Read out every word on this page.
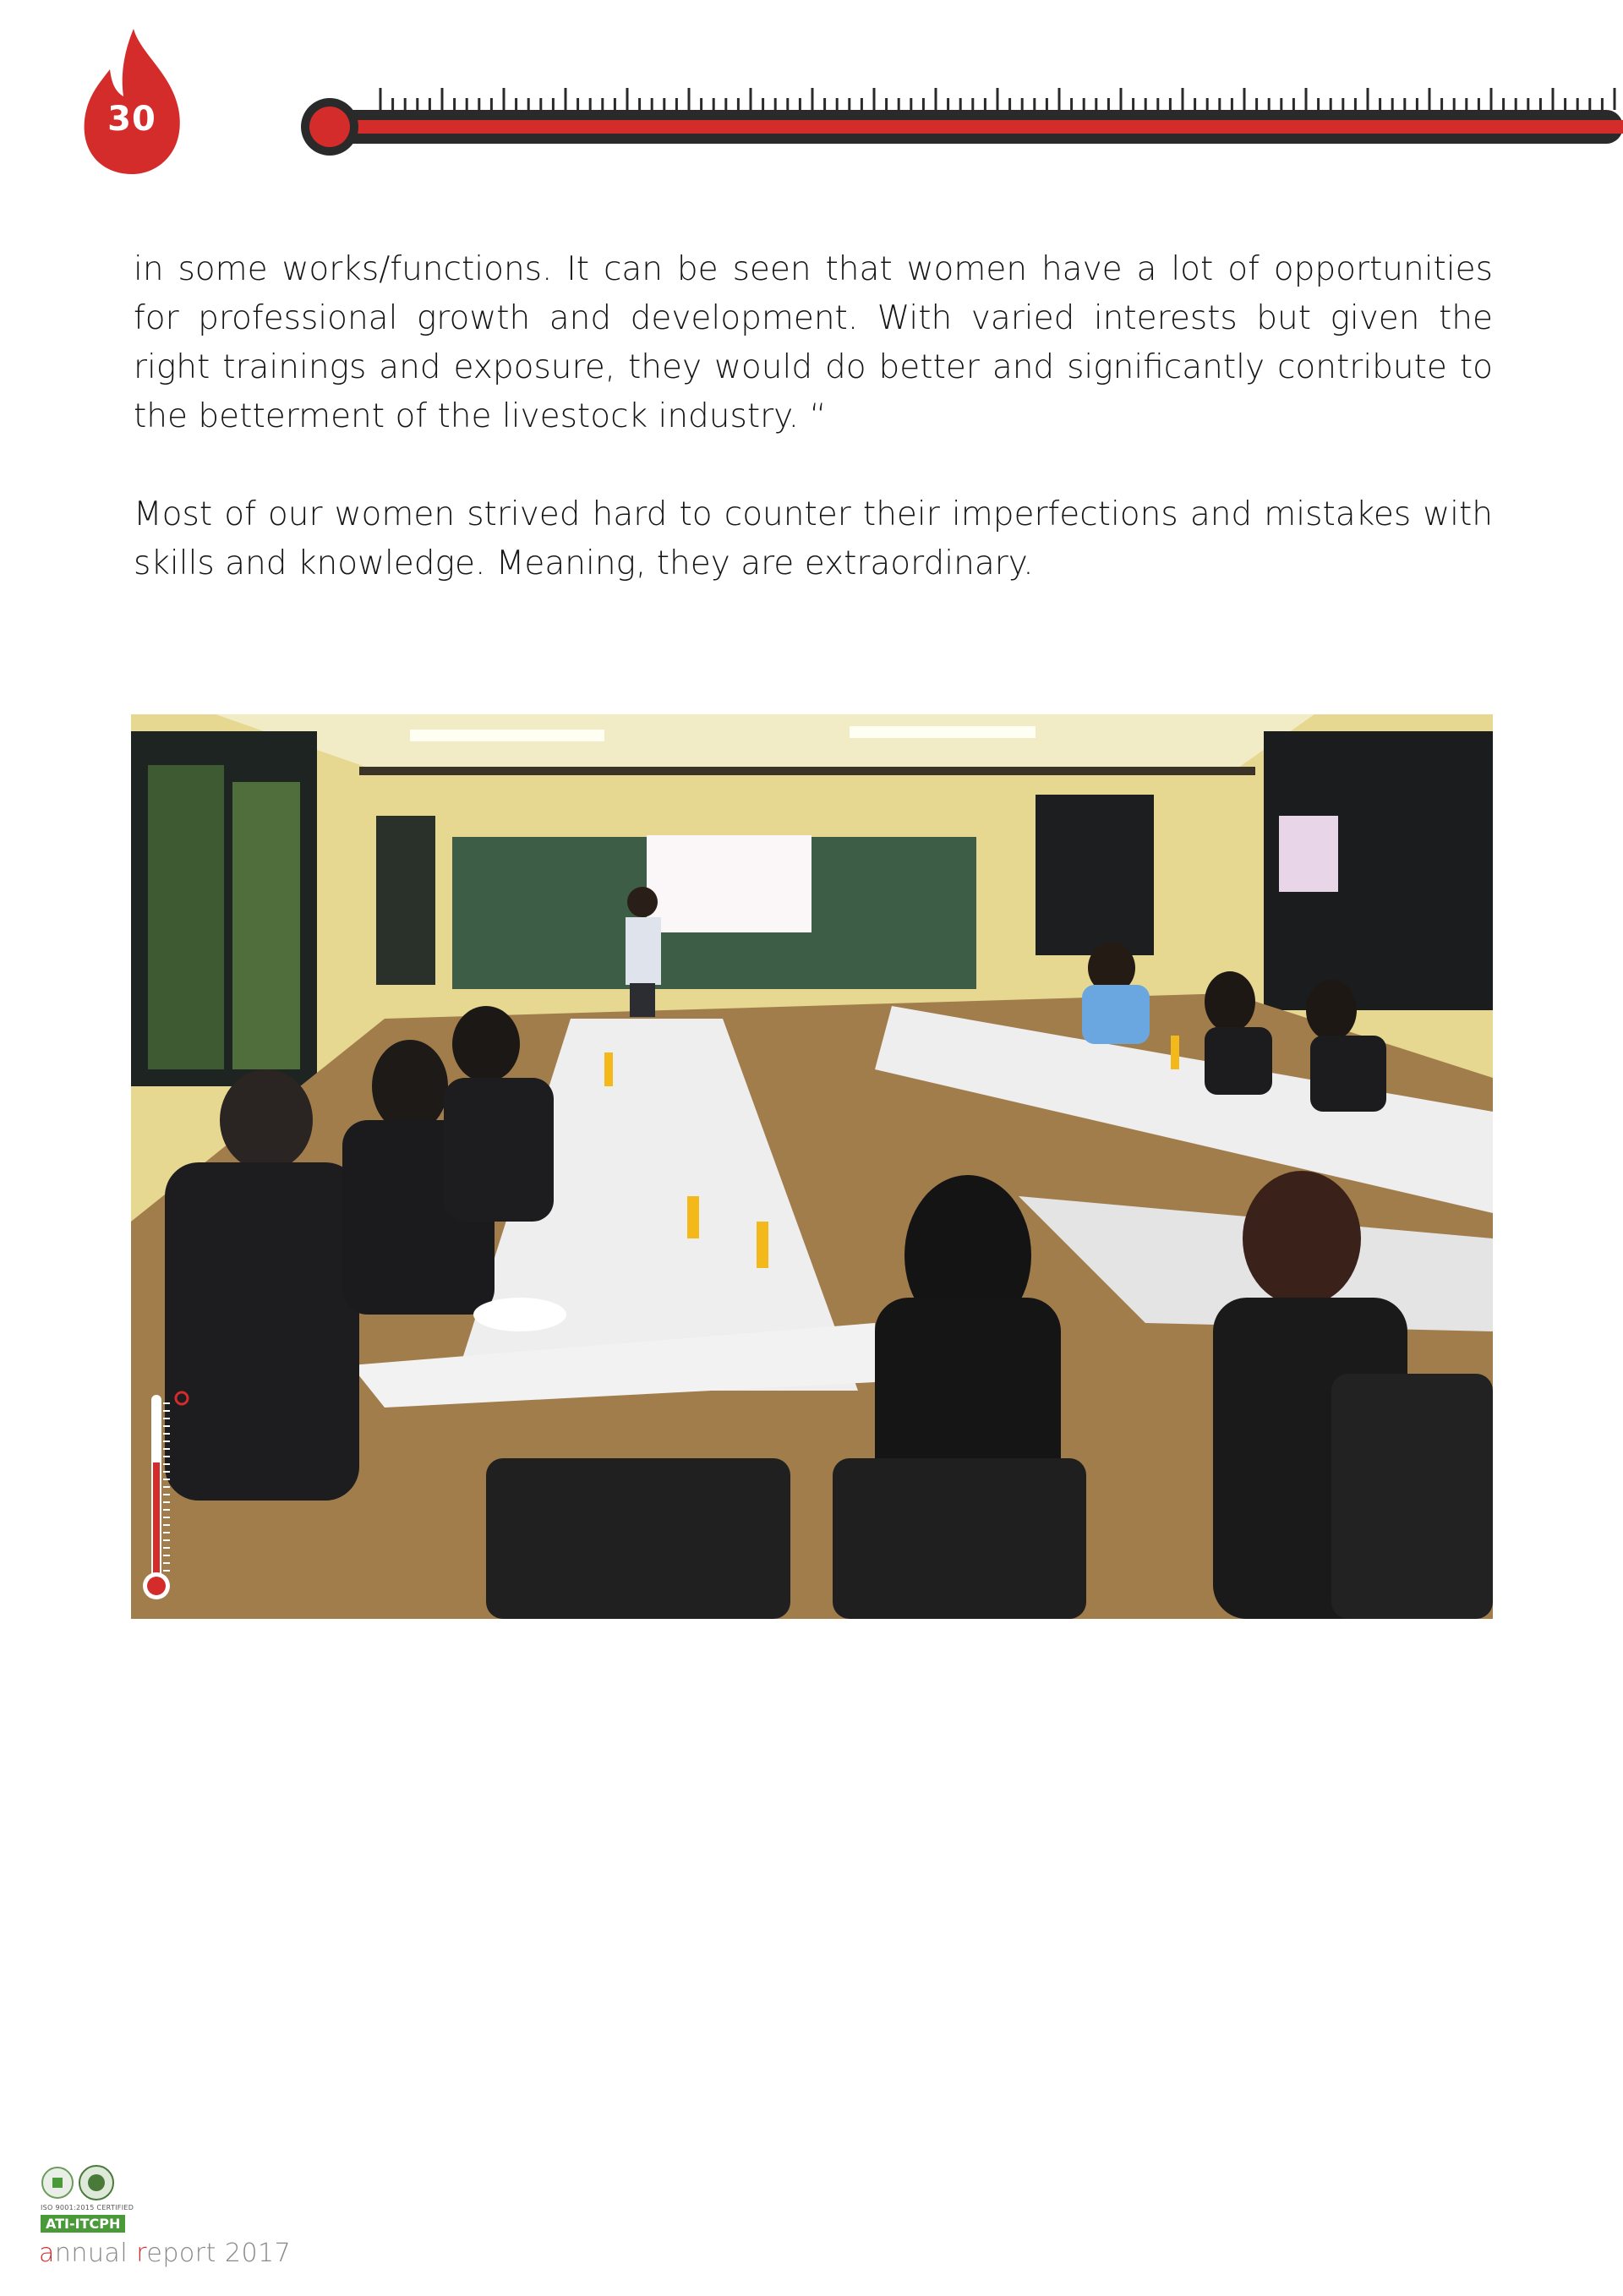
30

in some works/functions. It can be seen that women have a lot of opportunities for professional growth and development. With varied interests but given the right trainings and exposure, they would do better and significantly contribute to the betterment of the livestock industry. “

Most of our women strived hard to counter their imperfections and mistakes with skills and knowledge. Meaning, they are extraordinary.

ISO 9001:2015 CERTIFIED
ATI-ITCPH
annual report 2017
